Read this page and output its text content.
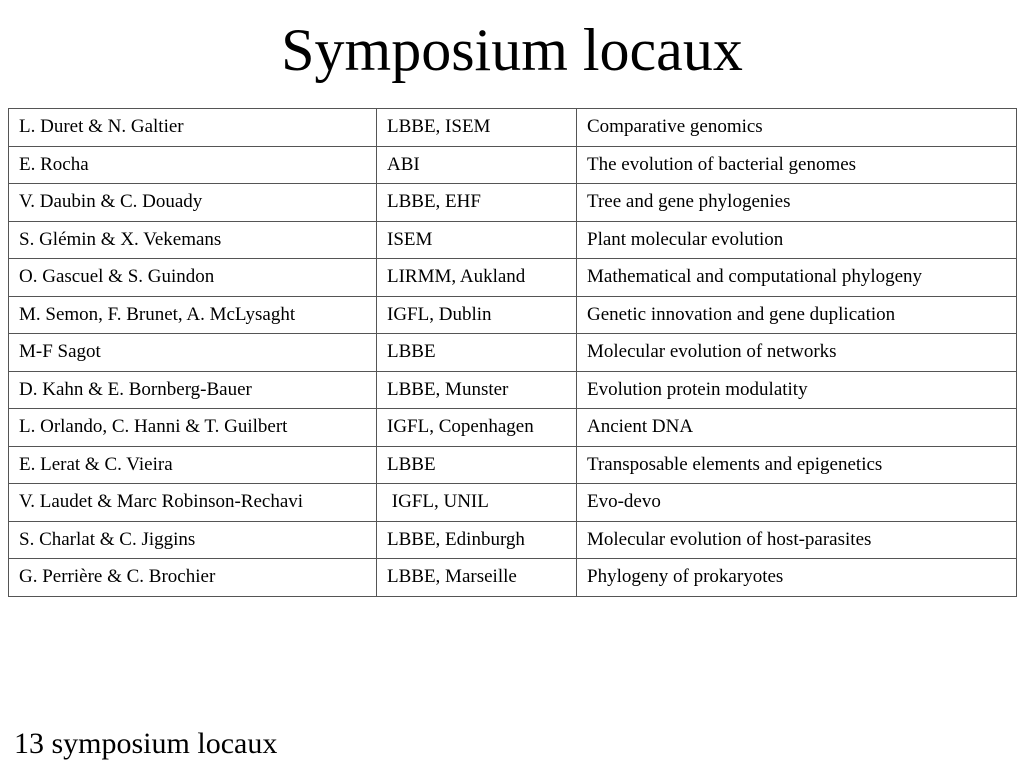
Symposium locaux
L. Duret & N. Galtier	LBBE, ISEM	Comparative genomics
E. Rocha	ABI	The evolution of bacterial genomes
V. Daubin & C. Douady	LBBE, EHF	Tree and gene phylogenies
S. Glémin & X. Vekemans	ISEM	Plant molecular evolution
O. Gascuel & S. Guindon	LIRMM, Aukland	Mathematical and computational phylogeny
M. Semon, F. Brunet, A. McLysaght	IGFL, Dublin	Genetic innovation and gene duplication
M-F Sagot	LBBE	Molecular evolution of networks
D. Kahn & E. Bornberg-Bauer	LBBE, Munster	Evolution protein modulatity
L. Orlando, C. Hanni & T. Guilbert	IGFL, Copenhagen	Ancient DNA
E. Lerat & C. Vieira	LBBE	Transposable elements and epigenetics
V. Laudet & Marc Robinson-Rechavi	IGFL, UNIL	Evo-devo
S. Charlat & C. Jiggins	LBBE, Edinburgh	Molecular evolution of host-parasites
G. Perrière & C. Brochier	LBBE, Marseille	Phylogeny of prokaryotes

13 symposium locaux
